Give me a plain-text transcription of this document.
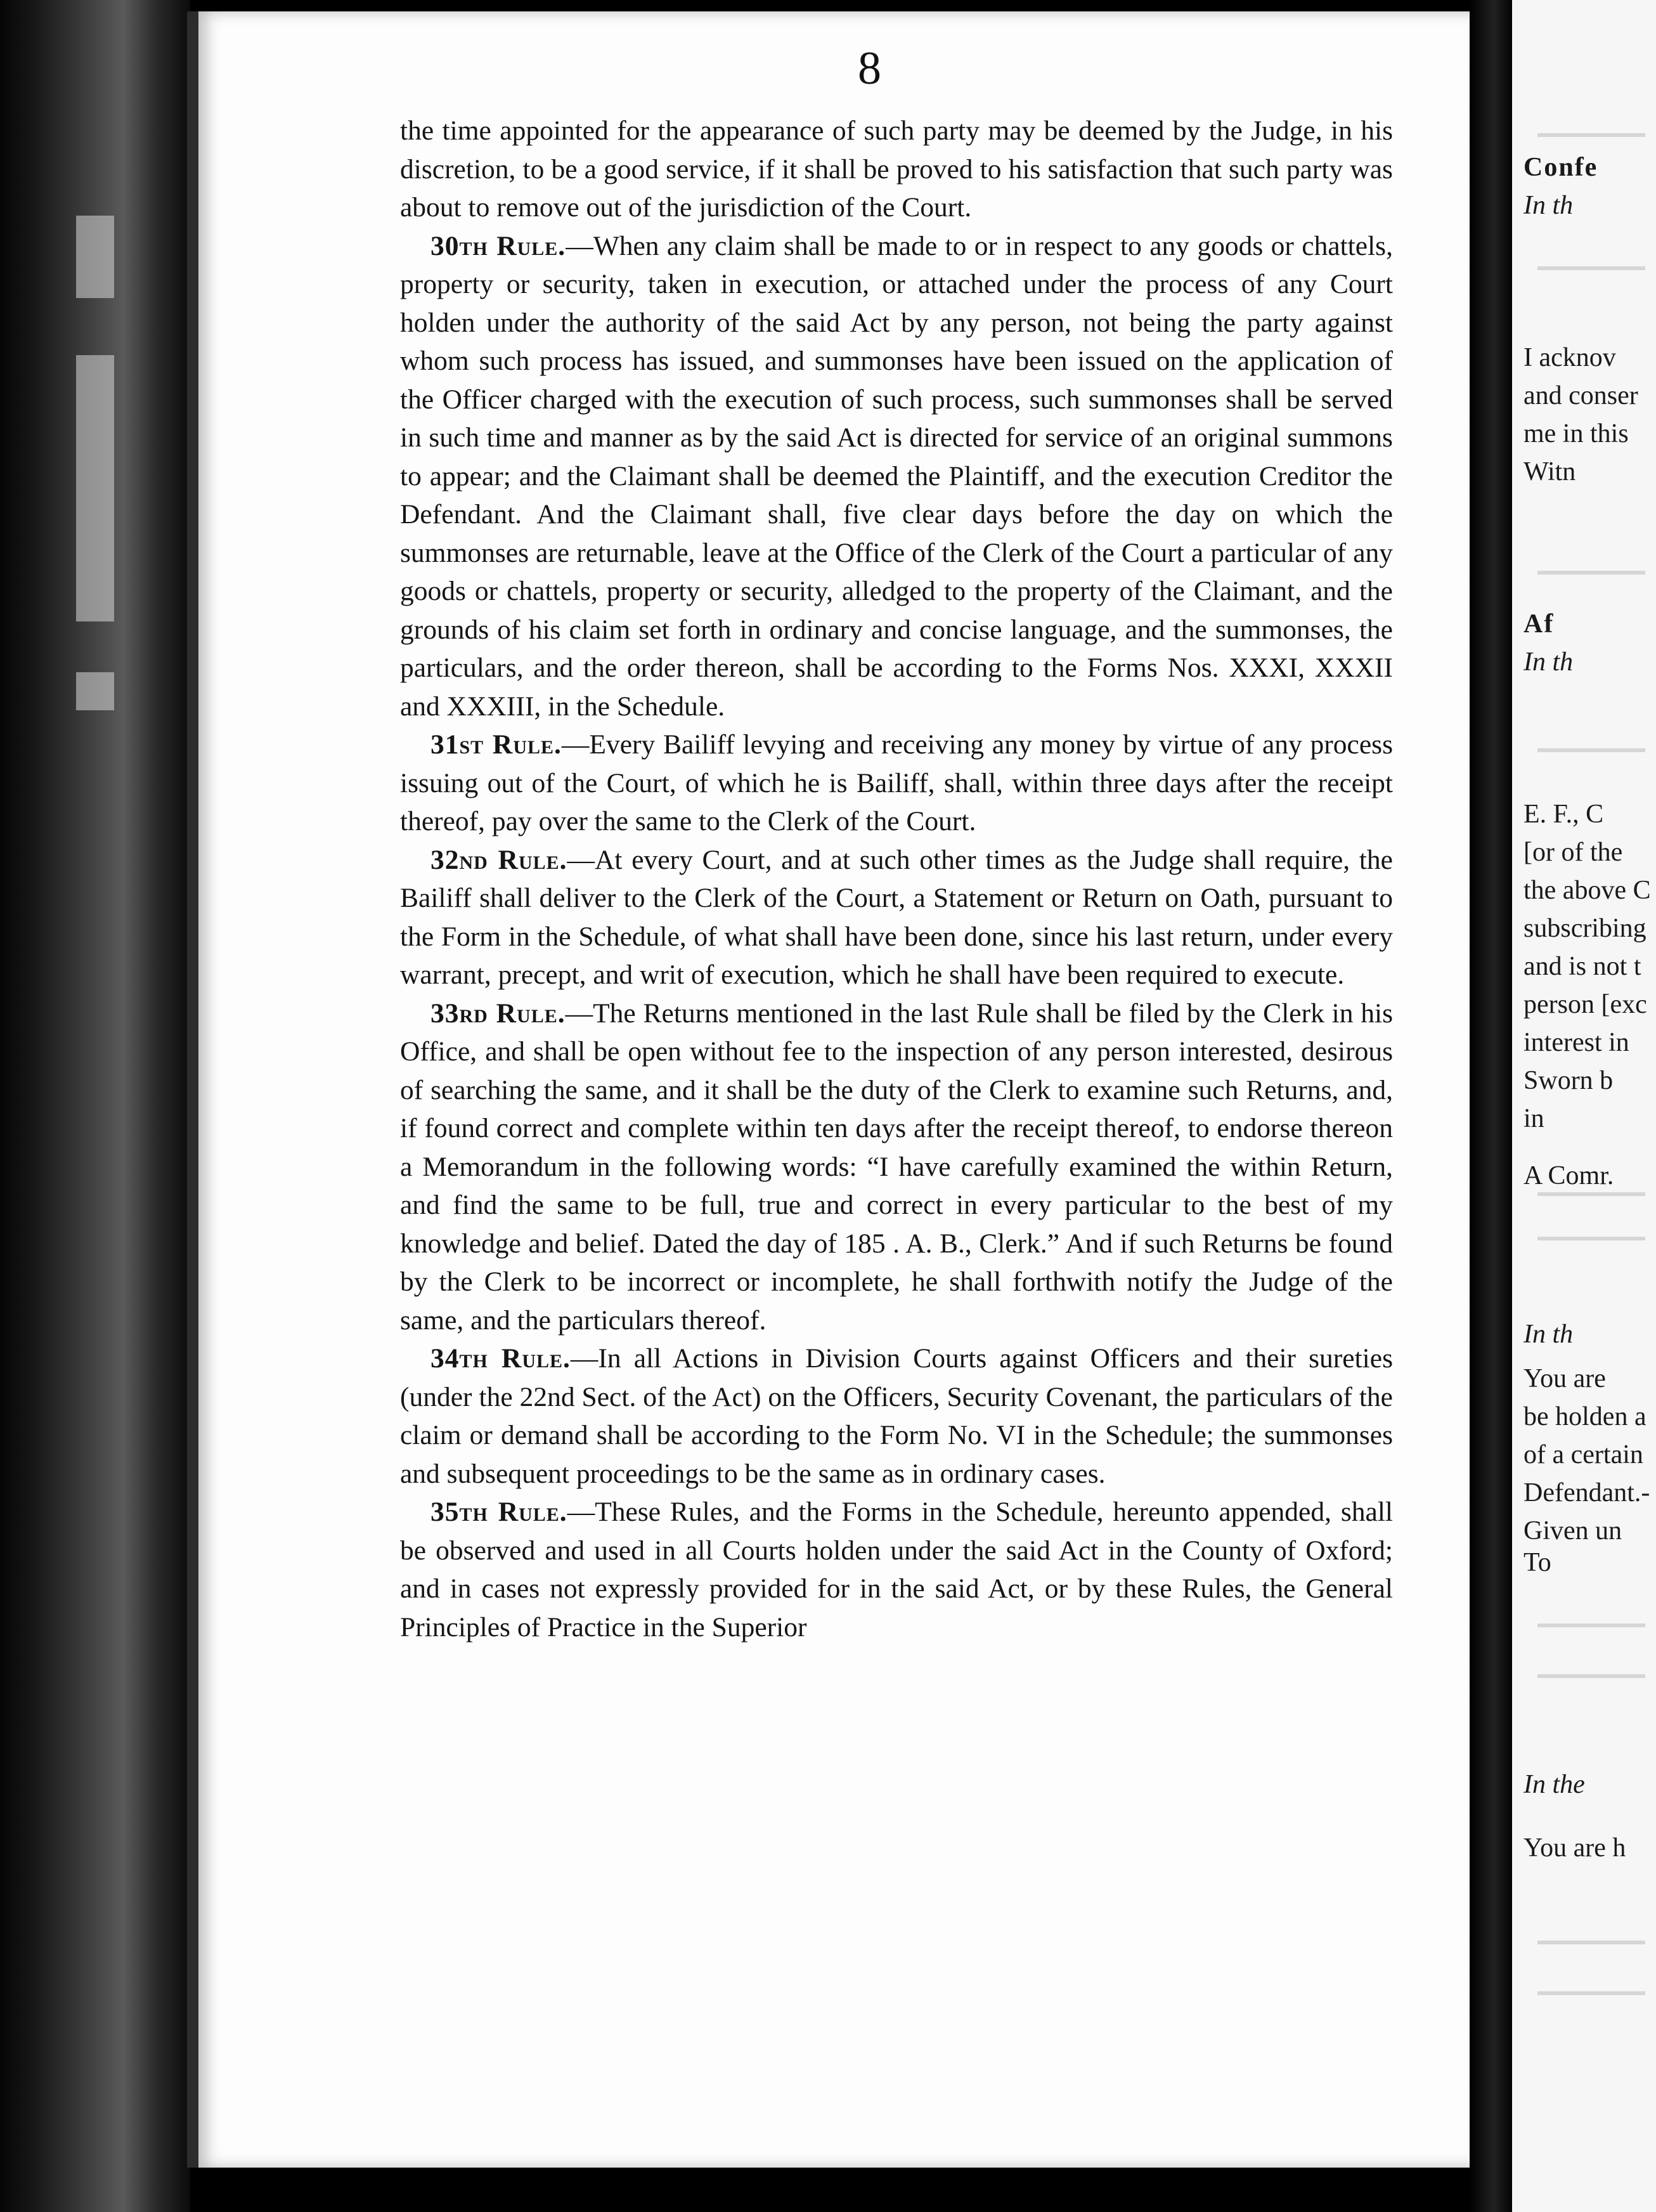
8

the time appointed for the appearance of such party may be deemed by the Judge, in his discretion, to be a good service, if it shall be proved to his satisfaction that such party was about to remove out of the jurisdiction of the Court.

30th Rule.—When any claim shall be made to or in respect to any goods or chattels, property or security, taken in execution, or attached under the process of any Court holden under the authority of the said Act by any person, not being the party against whom such process has issued, and summonses have been issued on the application of the Officer charged with the execution of such process, such summonses shall be served in such time and manner as by the said Act is directed for service of an original summons to appear; and the Claimant shall be deemed the Plaintiff, and the execution Creditor the Defendant. And the Claimant shall, five clear days before the day on which the summonses are returnable, leave at the Office of the Clerk of the Court a particular of any goods or chattels, property or security, alledged to the property of the Claimant, and the grounds of his claim set forth in ordinary and concise language, and the summonses, the particulars, and the order thereon, shall be according to the Forms Nos. XXXI, XXXII and XXXIII, in the Schedule.

31st Rule.—Every Bailiff levying and receiving any money by virtue of any process issuing out of the Court, of which he is Bailiff, shall, within three days after the receipt thereof, pay over the same to the Clerk of the Court.

32nd Rule.—At every Court, and at such other times as the Judge shall require, the Bailiff shall deliver to the Clerk of the Court, a Statement or Return on Oath, pursuant to the Form in the Schedule, of what shall have been done, since his last return, under every warrant, precept, and writ of execution, which he shall have been required to execute.

33rd Rule.—The Returns mentioned in the last Rule shall be filed by the Clerk in his Office, and shall be open without fee to the inspection of any person interested, desirous of searching the same, and it shall be the duty of the Clerk to examine such Returns, and, if found correct and complete within ten days after the receipt thereof, to endorse thereon a Memorandum in the following words: “I have carefully examined the within Return, and find the same to be full, true and correct in every particular to the best of my knowledge and belief. Dated the day of 185 . A. B., Clerk.” And if such Returns be found by the Clerk to be incorrect or incomplete, he shall forthwith notify the Judge of the same, and the particulars thereof.

34th Rule.—In all Actions in Division Courts against Officers and their sureties (under the 22nd Sect. of the Act) on the Officers, Security Covenant, the particulars of the claim or demand shall be according to the Form No. VI in the Schedule; the summonses and subsequent proceedings to be the same as in ordinary cases.

35th Rule.—These Rules, and the Forms in the Schedule, hereunto appended, shall be observed and used in all Courts holden under the said Act in the County of Oxford; and in cases not expressly provided for in the said Act, or by these Rules, the General Principles of Practice in the Superior

Confe
In th
I acknov
and conser
me in this
Witn
Af
In th
E. F., C
[or of the
the above C
subscribing
and is not t
person [exc
interest in
Sworn b
in
A Comr.
In th
You are
be holden a
of a certain
Defendant.-
Given un
To
In the
You are h
